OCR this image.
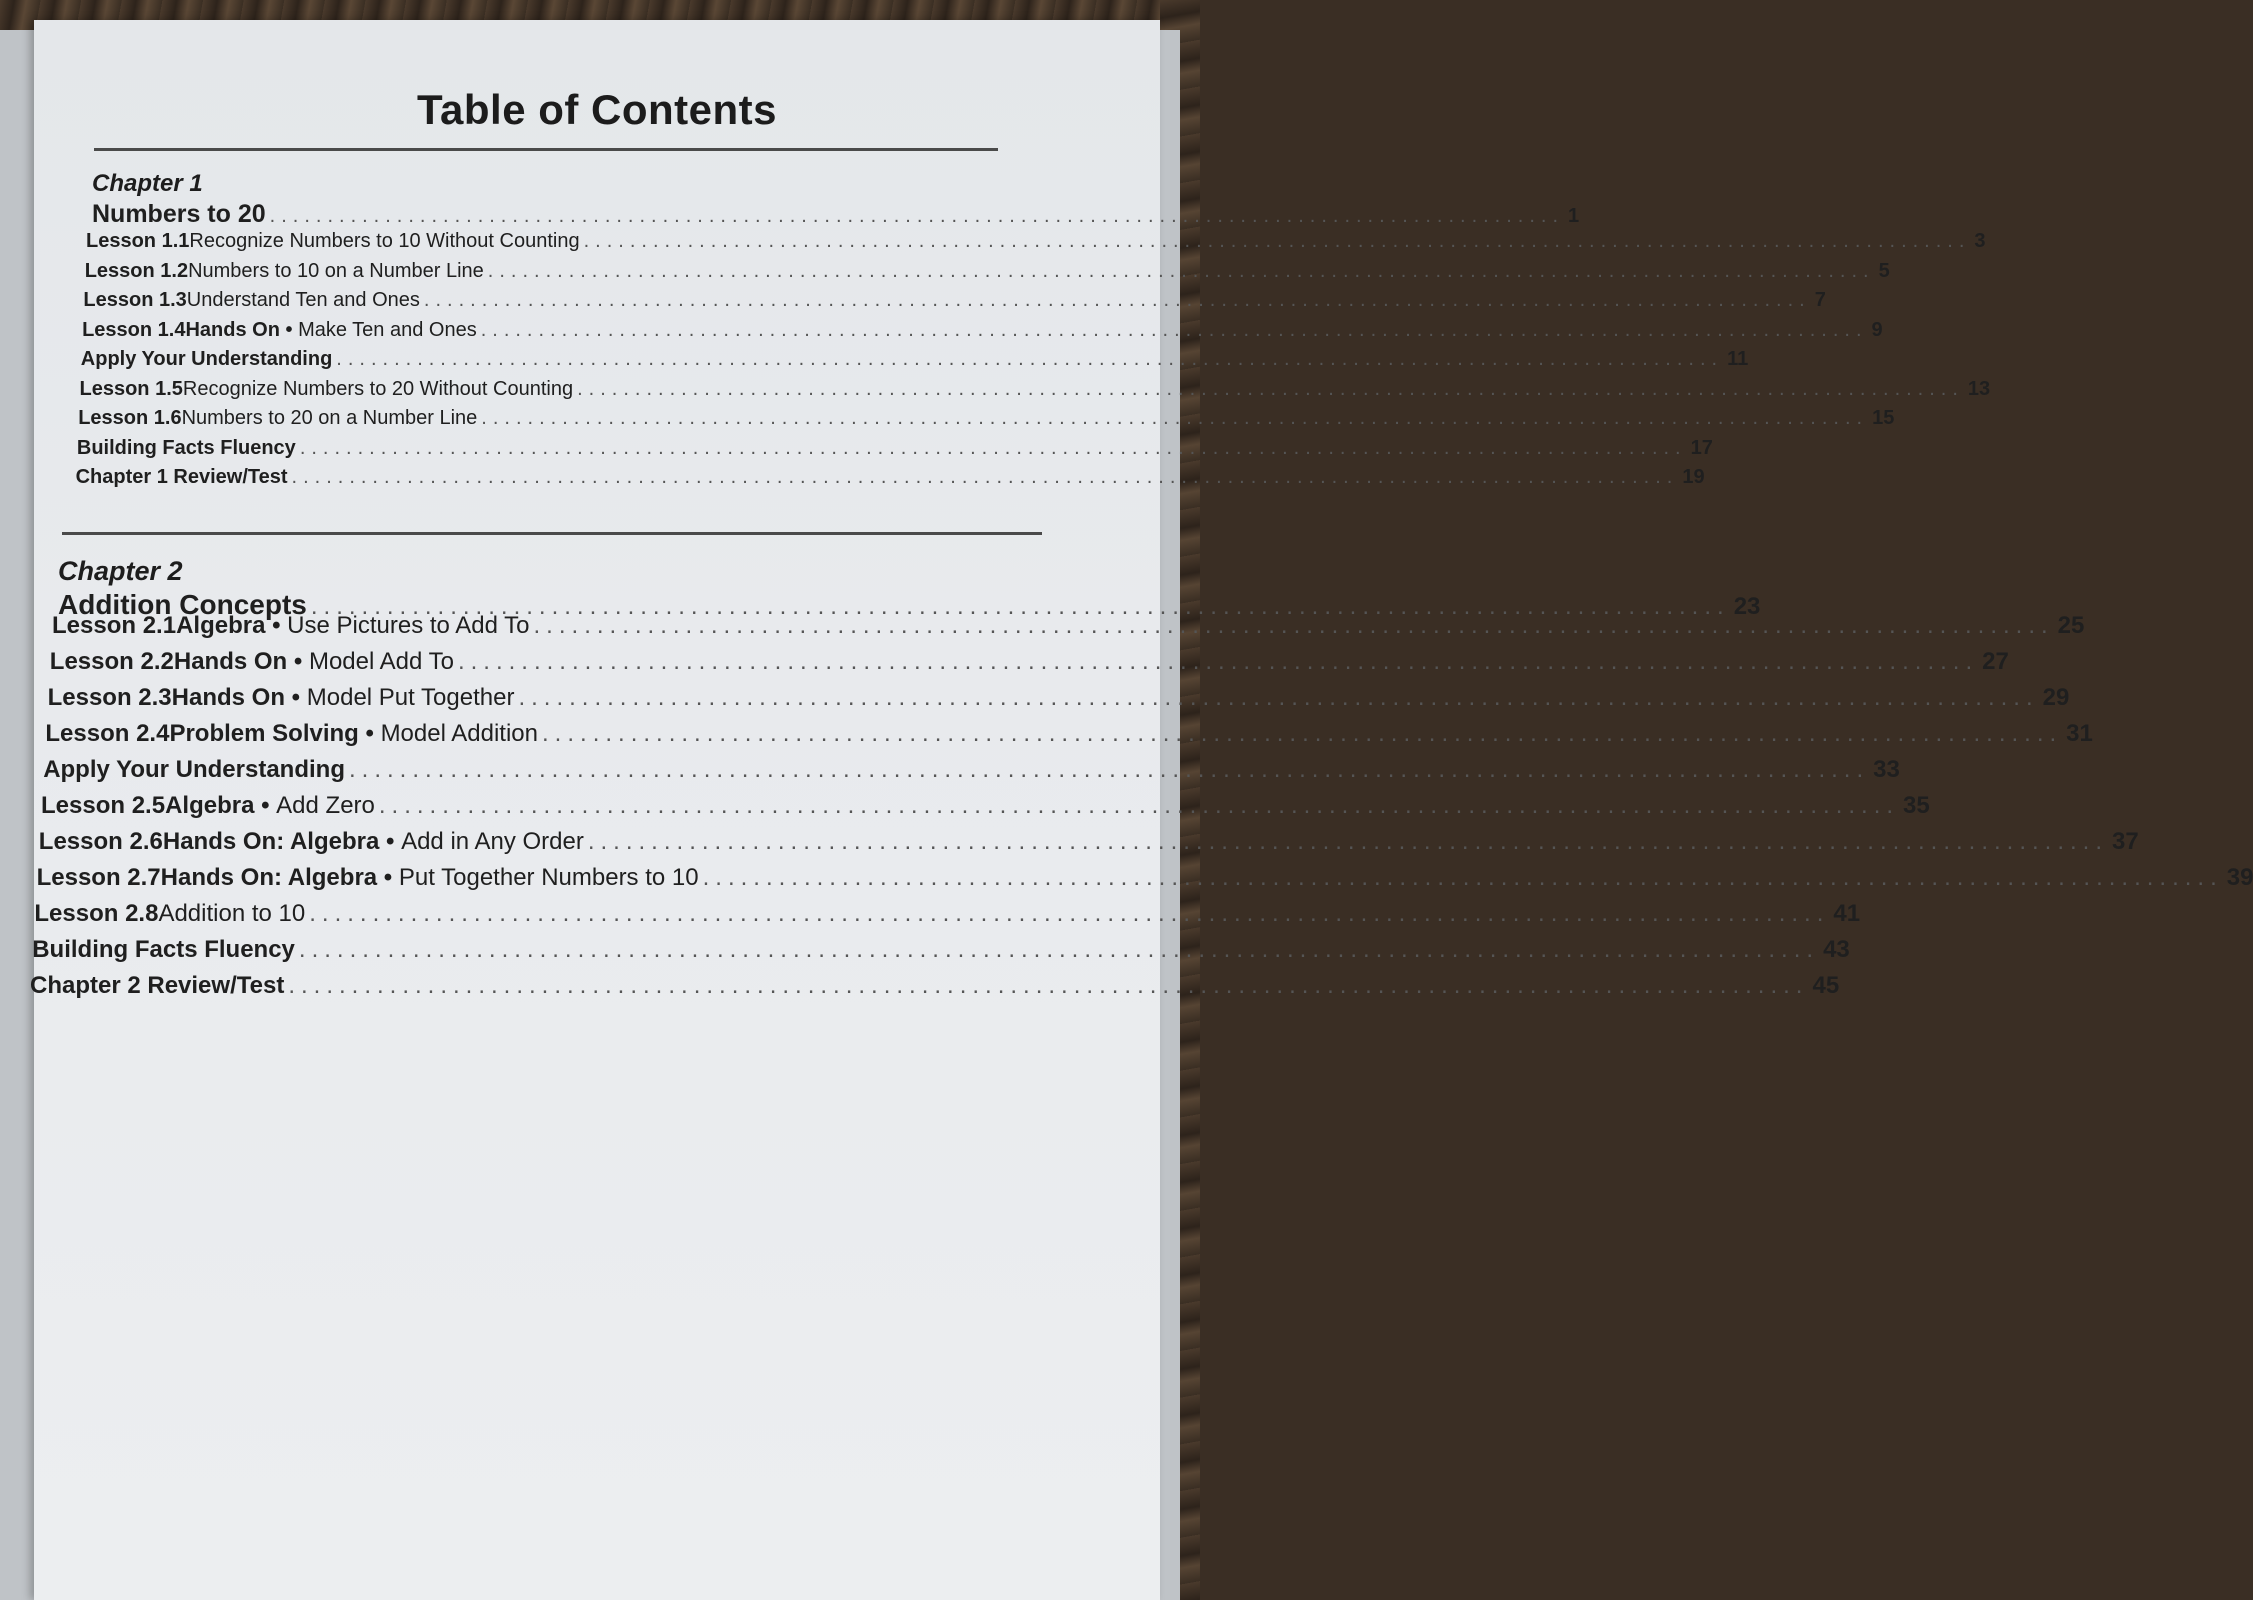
Table of Contents
Chapter 1
Numbers to 20 ................................................................................................................ 1
Lesson 1.1 Recognize Numbers to 10 Without Counting ........................................................................................................................ 3
Lesson 1.2 Numbers to 10 on a Number Line ........................................................................................................................ 5
Lesson 1.3 Understand Ten and Ones ........................................................................................................................ 7
Lesson 1.4 Hands On • Make Ten and Ones ........................................................................................................................ 9
Apply Your Understanding ........................................................................................................................ 11
Lesson 1.5 Recognize Numbers to 20 Without Counting ........................................................................................................................ 13
Lesson 1.6 Numbers to 20 on a Number Line ........................................................................................................................ 15
Building Facts Fluency ........................................................................................................................ 17
Chapter 1 Review/Test ........................................................................................................................ 19
Chapter 2
Addition Concepts ................................................................................................................ 23
Lesson 2.1 Algebra • Use Pictures to Add To ........................................................................................................................ 25
Lesson 2.2 Hands On • Model Add To ........................................................................................................................ 27
Lesson 2.3 Hands On • Model Put Together ........................................................................................................................ 29
Lesson 2.4 Problem Solving • Model Addition ........................................................................................................................ 31
Apply Your Understanding ........................................................................................................................ 33
Lesson 2.5 Algebra • Add Zero ........................................................................................................................ 35
Lesson 2.6 Hands On: Algebra • Add in Any Order ........................................................................................................................ 37
Lesson 2.7 Hands On: Algebra • Put Together Numbers to 10 ........................................................................................................................ 39
Lesson 2.8 Addition to 10 ........................................................................................................................ 41
Building Facts Fluency ........................................................................................................................ 43
Chapter 2 Review/Test ........................................................................................................................ 45
